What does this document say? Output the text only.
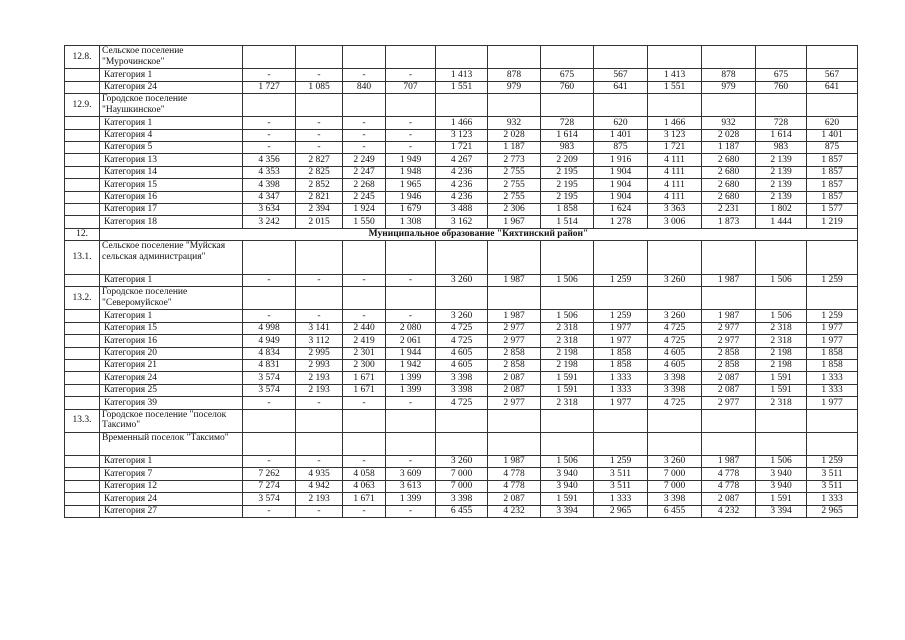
12.8.	Сельское поселение "Мурочинское"												
	Категория 1	-	-	-	-	1 413	878	675	567	1 413	878	675	567
	Категория 24	1 727	1 085	840	707	1 551	979	760	641	1 551	979	760	641
12.9.	Городское поселение "Наушкинское"												
	Категория 1	-	-	-	-	1 466	932	728	620	1 466	932	728	620
	Категория 4	-	-	-	-	3 123	2 028	1 614	1 401	3 123	2 028	1 614	1 401
	Категория 5	-	-	-	-	1 721	1 187	983	875	1 721	1 187	983	875
	Категория 13	4 356	2 827	2 249	1 949	4 267	2 773	2 209	1 916	4 111	2 680	2 139	1 857
	Категория 14	4 353	2 825	2 247	1 948	4 236	2 755	2 195	1 904	4 111	2 680	2 139	1 857
	Категория 15	4 398	2 852	2 268	1 965	4 236	2 755	2 195	1 904	4 111	2 680	2 139	1 857
	Категория 16	4 347	2 821	2 245	1 946	4 236	2 755	2 195	1 904	4 111	2 680	2 139	1 857
	Категория 17	3 634	2 394	1 924	1 679	3 488	2 306	1 858	1 624	3 363	2 231	1 802	1 577
	Категория 18	3 242	2 015	1 550	1 308	3 162	1 967	1 514	1 278	3 006	1 873	1 444	1 219
12.	Муниципальное образование "Кяхтинский район"												
13.1.	Сельское поселение "Муйская сельская администрация"												
	Категория 1	-	-	-	-	3 260	1 987	1 506	1 259	3 260	1 987	1 506	1 259
13.2.	Городское поселение "Северомуйское"												
	Категория 1	-	-	-	-	3 260	1 987	1 506	1 259	3 260	1 987	1 506	1 259
	Категория 15	4 998	3 141	2 440	2 080	4 725	2 977	2 318	1 977	4 725	2 977	2 318	1 977
	Категория 16	4 949	3 112	2 419	2 061	4 725	2 977	2 318	1 977	4 725	2 977	2 318	1 977
	Категория 20	4 834	2 995	2 301	1 944	4 605	2 858	2 198	1 858	4 605	2 858	2 198	1 858
	Категория 21	4 831	2 993	2 300	1 942	4 605	2 858	2 198	1 858	4 605	2 858	2 198	1 858
	Категория 24	3 574	2 193	1 671	1 399	3 398	2 087	1 591	1 333	3 398	2 087	1 591	1 333
	Категория 25	3 574	2 193	1 671	1 399	3 398	2 087	1 591	1 333	3 398	2 087	1 591	1 333
	Категория 39	-	-	-	-	4 725	2 977	2 318	1 977	4 725	2 977	2 318	1 977
13.3.	Городское поселение "поселок Таксимо"												
	Временный поселок "Таксимо"												
	Категория 1	-	-	-	-	3 260	1 987	1 506	1 259	3 260	1 987	1 506	1 259
	Категория 7	7 262	4 935	4 058	3 609	7 000	4 778	3 940	3 511	7 000	4 778	3 940	3 511
	Категория 12	7 274	4 942	4 063	3 613	7 000	4 778	3 940	3 511	7 000	4 778	3 940	3 511
	Категория 24	3 574	2 193	1 671	1 399	3 398	2 087	1 591	1 333	3 398	2 087	1 591	1 333
	Категория 27	-	-	-	-	6 455	4 232	3 394	2 965	6 455	4 232	3 394	2 965
